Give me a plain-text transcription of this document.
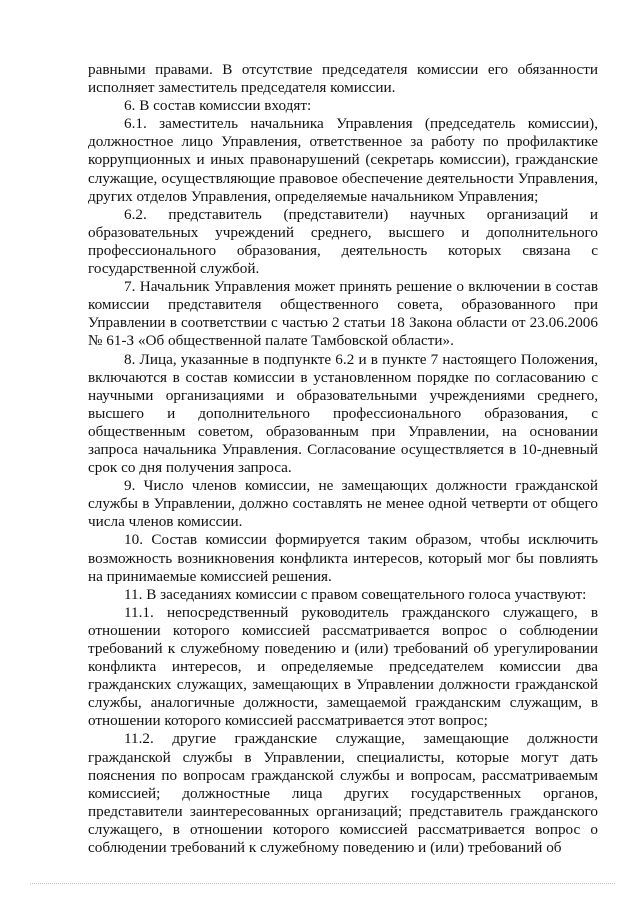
равными правами. В отсутствие председателя комиссии его обязанности исполняет заместитель председателя комиссии.

6. В состав комиссии входят:

6.1. заместитель начальника Управления (председатель комиссии), должностное лицо Управления, ответственное за работу по профилактике коррупционных и иных правонарушений (секретарь комиссии), гражданские служащие, осуществляющие правовое обеспечение деятельности Управления, других отделов Управления, определяемые начальником Управления;

6.2. представитель (представители) научных организаций и образовательных учреждений среднего, высшего и дополнительного профессионального образования, деятельность которых связана с государственной службой.

7. Начальник Управления может принять решение о включении в состав комиссии представителя общественного совета, образованного при Управлении в соответствии с частью 2 статьи 18 Закона области от 23.06.2006 № 61-З «Об общественной палате Тамбовской области».

8. Лица, указанные в подпункте 6.2 и в пункте 7 настоящего Положения, включаются в состав комиссии в установленном порядке по согласованию с научными организациями и образовательными учреждениями среднего, высшего и дополнительного профессионального образования, с общественным советом, образованным при Управлении, на основании запроса начальника Управления. Согласование осуществляется в 10-дневный срок со дня получения запроса.

9. Число членов комиссии, не замещающих должности гражданской службы в Управлении, должно составлять не менее одной четверти от общего числа членов комиссии.

10. Состав комиссии формируется таким образом, чтобы исключить возможность возникновения конфликта интересов, который мог бы повлиять на принимаемые комиссией решения.

11. В заседаниях комиссии с правом совещательного голоса участвуют:

11.1. непосредственный руководитель гражданского служащего, в отношении которого комиссией рассматривается вопрос о соблюдении требований к служебному поведению и (или) требований об урегулировании конфликта интересов, и определяемые председателем комиссии два гражданских служащих, замещающих в Управлении должности гражданской службы, аналогичные должности, замещаемой гражданским служащим, в отношении которого комиссией рассматривается этот вопрос;

11.2. другие гражданские служащие, замещающие должности гражданской службы в Управлении, специалисты, которые могут дать пояснения по вопросам гражданской службы и вопросам, рассматриваемым комиссией; должностные лица других государственных органов, представители заинтересованных организаций; представитель гражданского служащего, в отношении которого комиссией рассматривается вопрос о соблюдении требований к служебному поведению и (или) требований об
